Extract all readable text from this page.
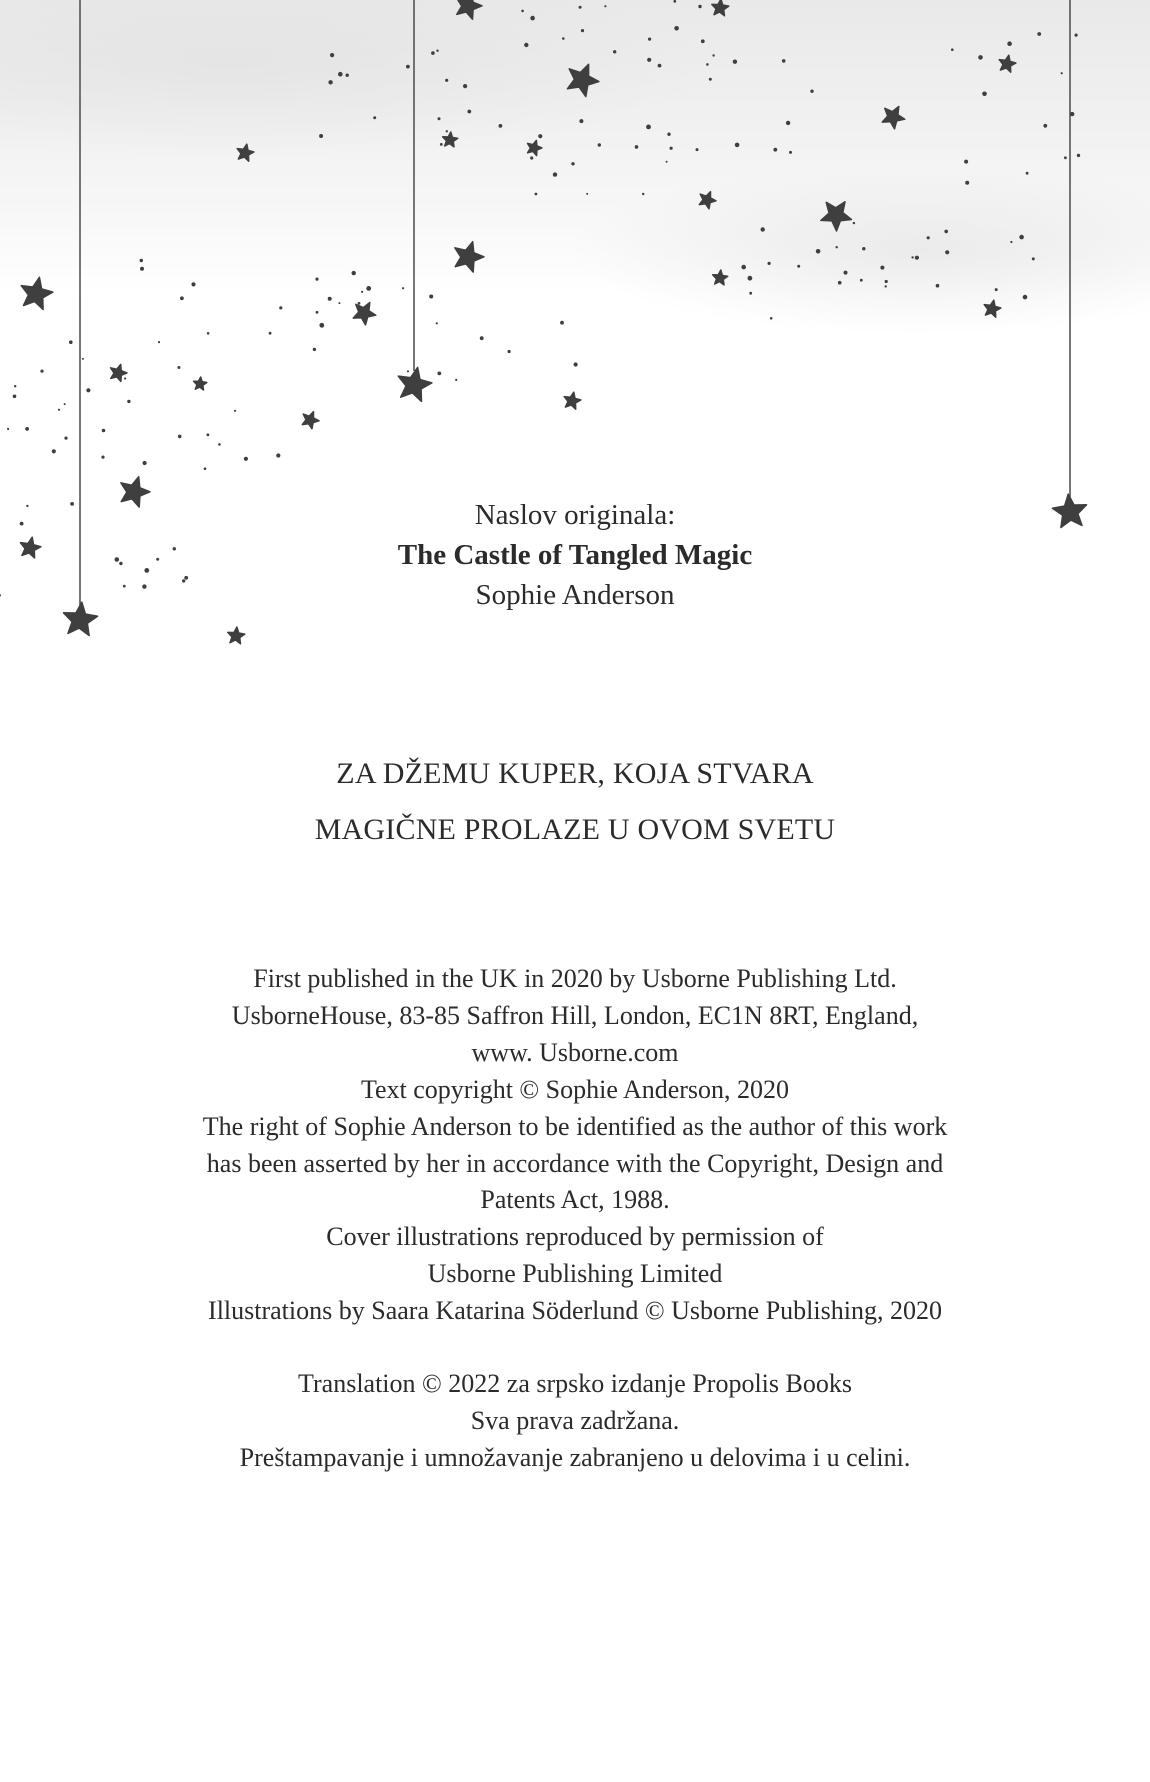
Naslov originala:
The Castle of Tangled Magic
Sophie Anderson
ZA DŽEMU KUPER, KOJA STVARA
MAGIČNE PROLAZE U OVOM SVETU
First published in the UK in 2020 by Usborne Publishing Ltd.
UsborneHouse, 83-85 Saffron Hill, London, EC1N 8RT, England,
www. Usborne.com
Text copyright © Sophie Anderson, 2020
The right of Sophie Anderson to be identified as the author of this work
has been asserted by her in accordance with the Copyright, Design and
Patents Act, 1988.
Cover illustrations reproduced by permission of
Usborne Publishing Limited
Illustrations by Saara Katarina Söderlund © Usborne Publishing, 2020
Translation © 2022 za srpsko izdanje Propolis Books
Sva prava zadržana.
Preštampavanje i umnožavanje zabranjeno u delovima i u celini.
